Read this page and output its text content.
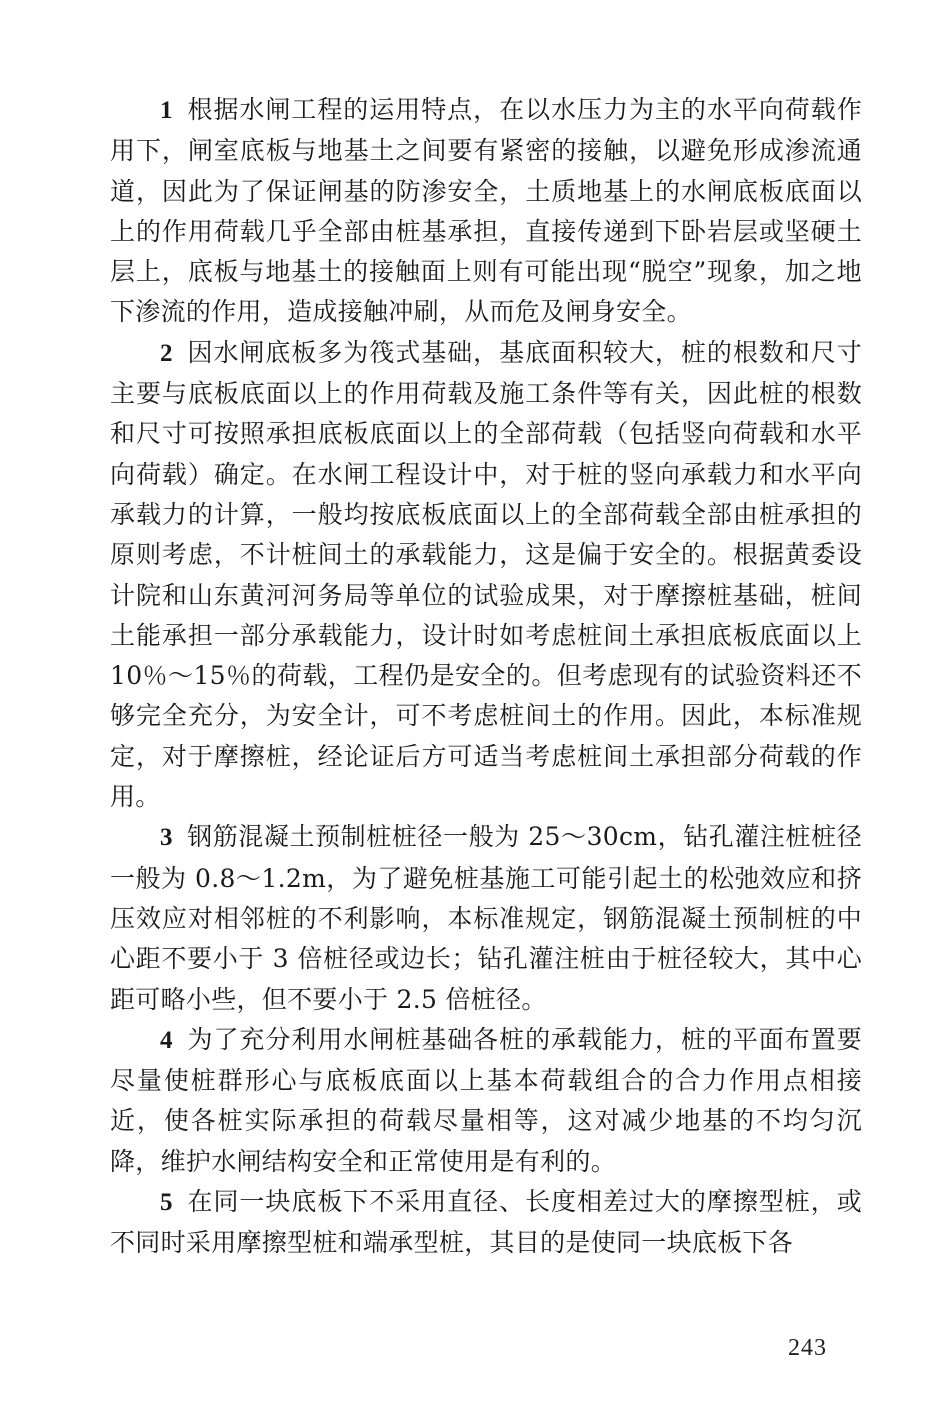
1 根据水闸工程的运用特点，在以水压力为主的水平向荷载作用下，闸室底板与地基土之间要有紧密的接触，以避免形成渗流通道，因此为了保证闸基的防渗安全，土质地基上的水闸底板底面以上的作用荷载几乎全部由桩基承担，直接传递到下卧岩层或坚硬土层上，底板与地基土的接触面上则有可能出现“脱空”现象，加之地下渗流的作用，造成接触冲刷，从而危及闸身安全。

2 因水闸底板多为筏式基础，基底面积较大，桩的根数和尺寸主要与底板底面以上的作用荷载及施工条件等有关，因此桩的根数和尺寸可按照承担底板底面以上的全部荷载（包括竖向荷载和水平向荷载）确定。在水闸工程设计中，对于桩的竖向承载力和水平向承载力的计算，一般均按底板底面以上的全部荷载全部由桩承担的原则考虑，不计桩间土的承载能力，这是偏于安全的。根据黄委设计院和山东黄河河务局等单位的试验成果，对于摩擦桩基础，桩间土能承担一部分承载能力，设计时如考虑桩间土承担底板底面以上 10％～15％的荷载，工程仍是安全的。但考虑现有的试验资料还不够完全充分，为安全计，可不考虑桩间土的作用。因此，本标准规定，对于摩擦桩，经论证后方可适当考虑桩间土承担部分荷载的作用。

3 钢筋混凝土预制桩桩径一般为 25～30cm，钻孔灌注桩桩径一般为 0.8～1.2m，为了避免桩基施工可能引起土的松弛效应和挤压效应对相邻桩的不利影响，本标准规定，钢筋混凝土预制桩的中心距不要小于 3 倍桩径或边长；钻孔灌注桩由于桩径较大，其中心距可略小些，但不要小于 2.5 倍桩径。

4 为了充分利用水闸桩基础各桩的承载能力，桩的平面布置要尽量使桩群形心与底板底面以上基本荷载组合的合力作用点相接近，使各桩实际承担的荷载尽量相等，这对减少地基的不均匀沉降，维护水闸结构安全和正常使用是有利的。

5 在同一块底板下不采用直径、长度相差过大的摩擦型桩，或不同时采用摩擦型桩和端承型桩，其目的是使同一块底板下各

243
